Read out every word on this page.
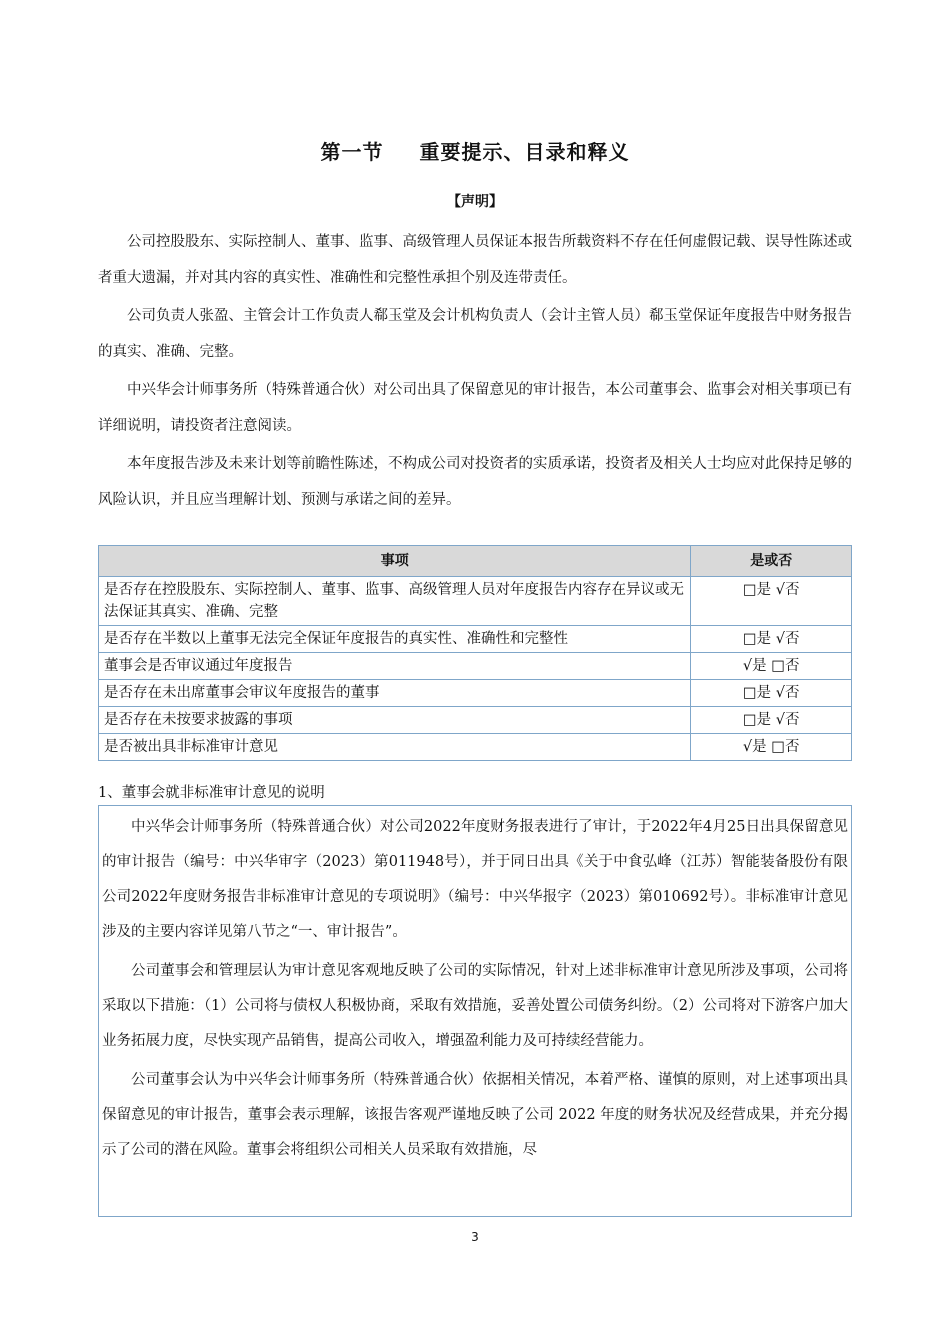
第一节 重要提示、目录和释义
【声明】

公司控股股东、实际控制人、董事、监事、高级管理人员保证本报告所载资料不存在任何虚假记载、误导性陈述或者重大遗漏，并对其内容的真实性、准确性和完整性承担个别及连带责任。

公司负责人张盈、主管会计工作负责人郗玉堂及会计机构负责人（会计主管人员）郗玉堂保证年度报告中财务报告的真实、准确、完整。

中兴华会计师事务所（特殊普通合伙）对公司出具了保留意见的审计报告，本公司董事会、监事会对相关事项已有详细说明，请投资者注意阅读。

本年度报告涉及未来计划等前瞻性陈述，不构成公司对投资者的实质承诺，投资者及相关人士均应对此保持足够的风险认识，并且应当理解计划、预测与承诺之间的差异。

事项	是或否
是否存在控股股东、实际控制人、董事、监事、高级管理人员对年度报告内容存在异议或无法保证其真实、准确、完整	□是 √否
是否存在半数以上董事无法完全保证年度报告的真实性、准确性和完整性	□是 √否
董事会是否审议通过年度报告	√是 □否
是否存在未出席董事会审议年度报告的董事	□是 √否
是否存在未按要求披露的事项	□是 √否
是否被出具非标准审计意见	√是 □否
1、董事会就非标准审计意见的说明

中兴华会计师事务所（特殊普通合伙）对公司2022年度财务报表进行了审计，于2022年4月25日出具保留意见的审计报告（编号：中兴华审字（2023）第011948号），并于同日出具《关于中食弘峰（江苏）智能装备股份有限公司2022年度财务报告非标准审计意见的专项说明》（编号：中兴华报字（2023）第010692号）。非标准审计意见涉及的主要内容详见第八节之“一、审计报告”。

公司董事会和管理层认为审计意见客观地反映了公司的实际情况，针对上述非标准审计意见所涉及事项，公司将采取以下措施：（1）公司将与债权人积极协商，采取有效措施，妥善处置公司债务纠纷。（2）公司将对下游客户加大业务拓展力度，尽快实现产品销售，提高公司收入，增强盈利能力及可持续经营能力。

公司董事会认为中兴华会计师事务所（特殊普通合伙）依据相关情况，本着严格、谨慎的原则，对上述事项出具保留意见的审计报告，董事会表示理解，该报告客观严谨地反映了公司 2022 年度的财务状况及经营成果，并充分揭示了公司的潜在风险。董事会将组织公司相关人员采取有效措施，尽

3
